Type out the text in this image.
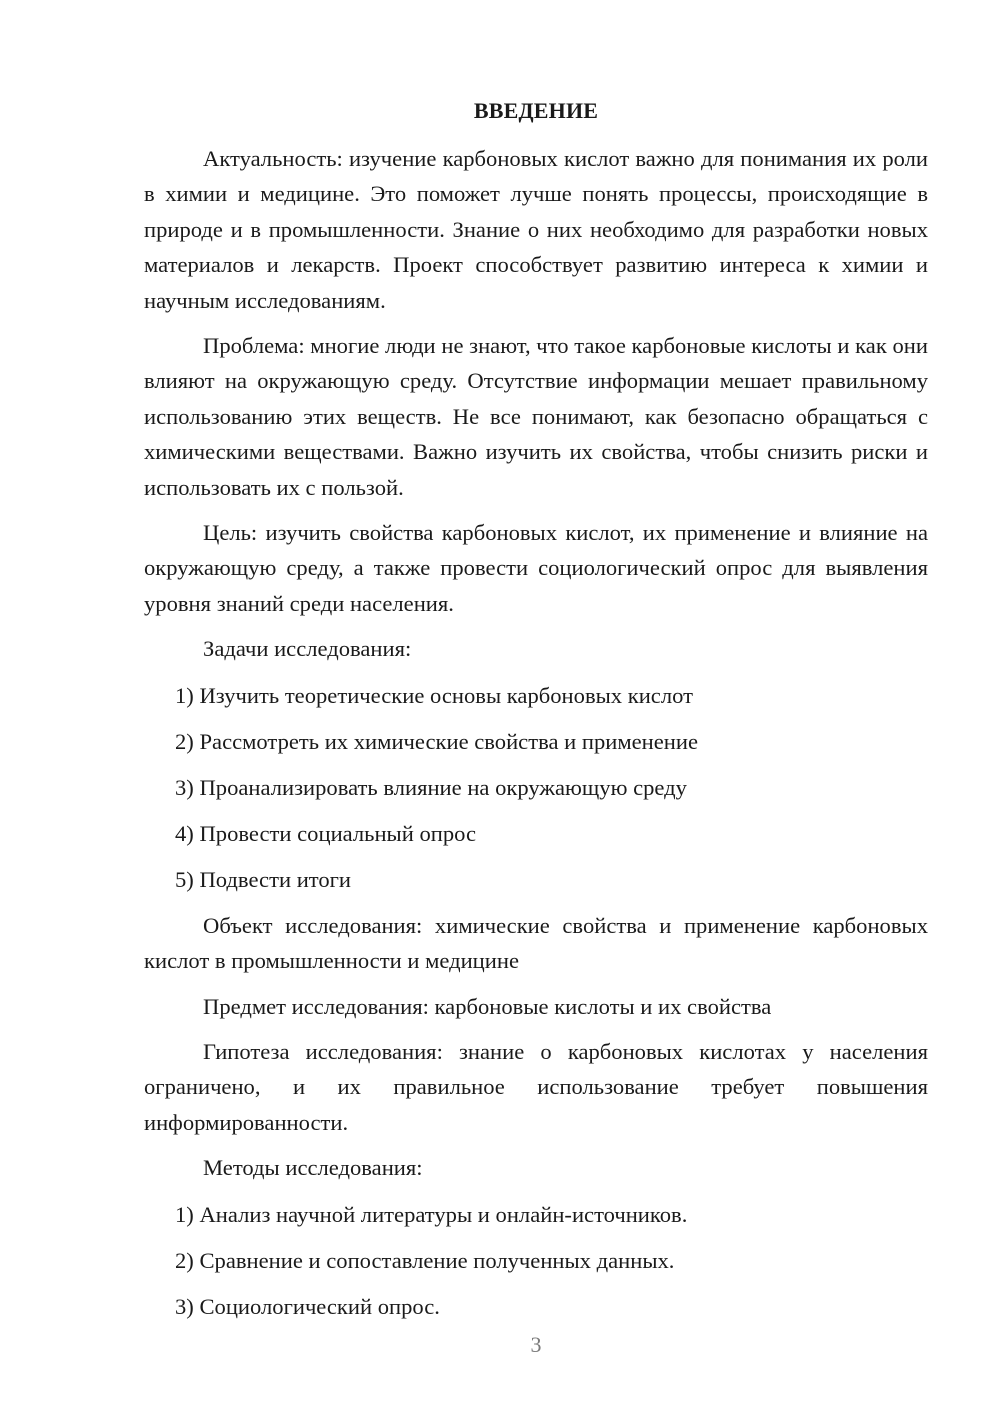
ВВЕДЕНИЕ

Актуальность: изучение карбоновых кислот важно для понимания их роли в химии и медицине. Это поможет лучше понять процессы, происходящие в природе и в промышленности. Знание о них необходимо для разработки новых материалов и лекарств. Проект способствует развитию интереса к химии и научным исследованиям.

Проблема: многие люди не знают, что такое карбоновые кислоты и как они влияют на окружающую среду. Отсутствие информации мешает правильному использованию этих веществ. Не все понимают, как безопасно обращаться с химическими веществами. Важно изучить их свойства, чтобы снизить риски и использовать их с пользой.

Цель: изучить свойства карбоновых кислот, их применение и влияние на окружающую среду, а также провести социологический опрос для выявления уровня знаний среди населения.

Задачи исследования:

1) Изучить теоретические основы карбоновых кислот
2) Рассмотреть их химические свойства и применение
3) Проанализировать влияние на окружающую среду
4) Провести социальный опрос
5) Подвести итоги

Объект исследования: химические свойства и применение карбоновых кислот в промышленности и медицине

Предмет исследования: карбоновые кислоты и их свойства

Гипотеза исследования: знание о карбоновых кислотах у населения ограничено, и их правильное использование требует повышения информированности.

Методы исследования:

1) Анализ научной литературы и онлайн-источников.
2) Сравнение и сопоставление полученных данных.
3) Социологический опрос.
3
